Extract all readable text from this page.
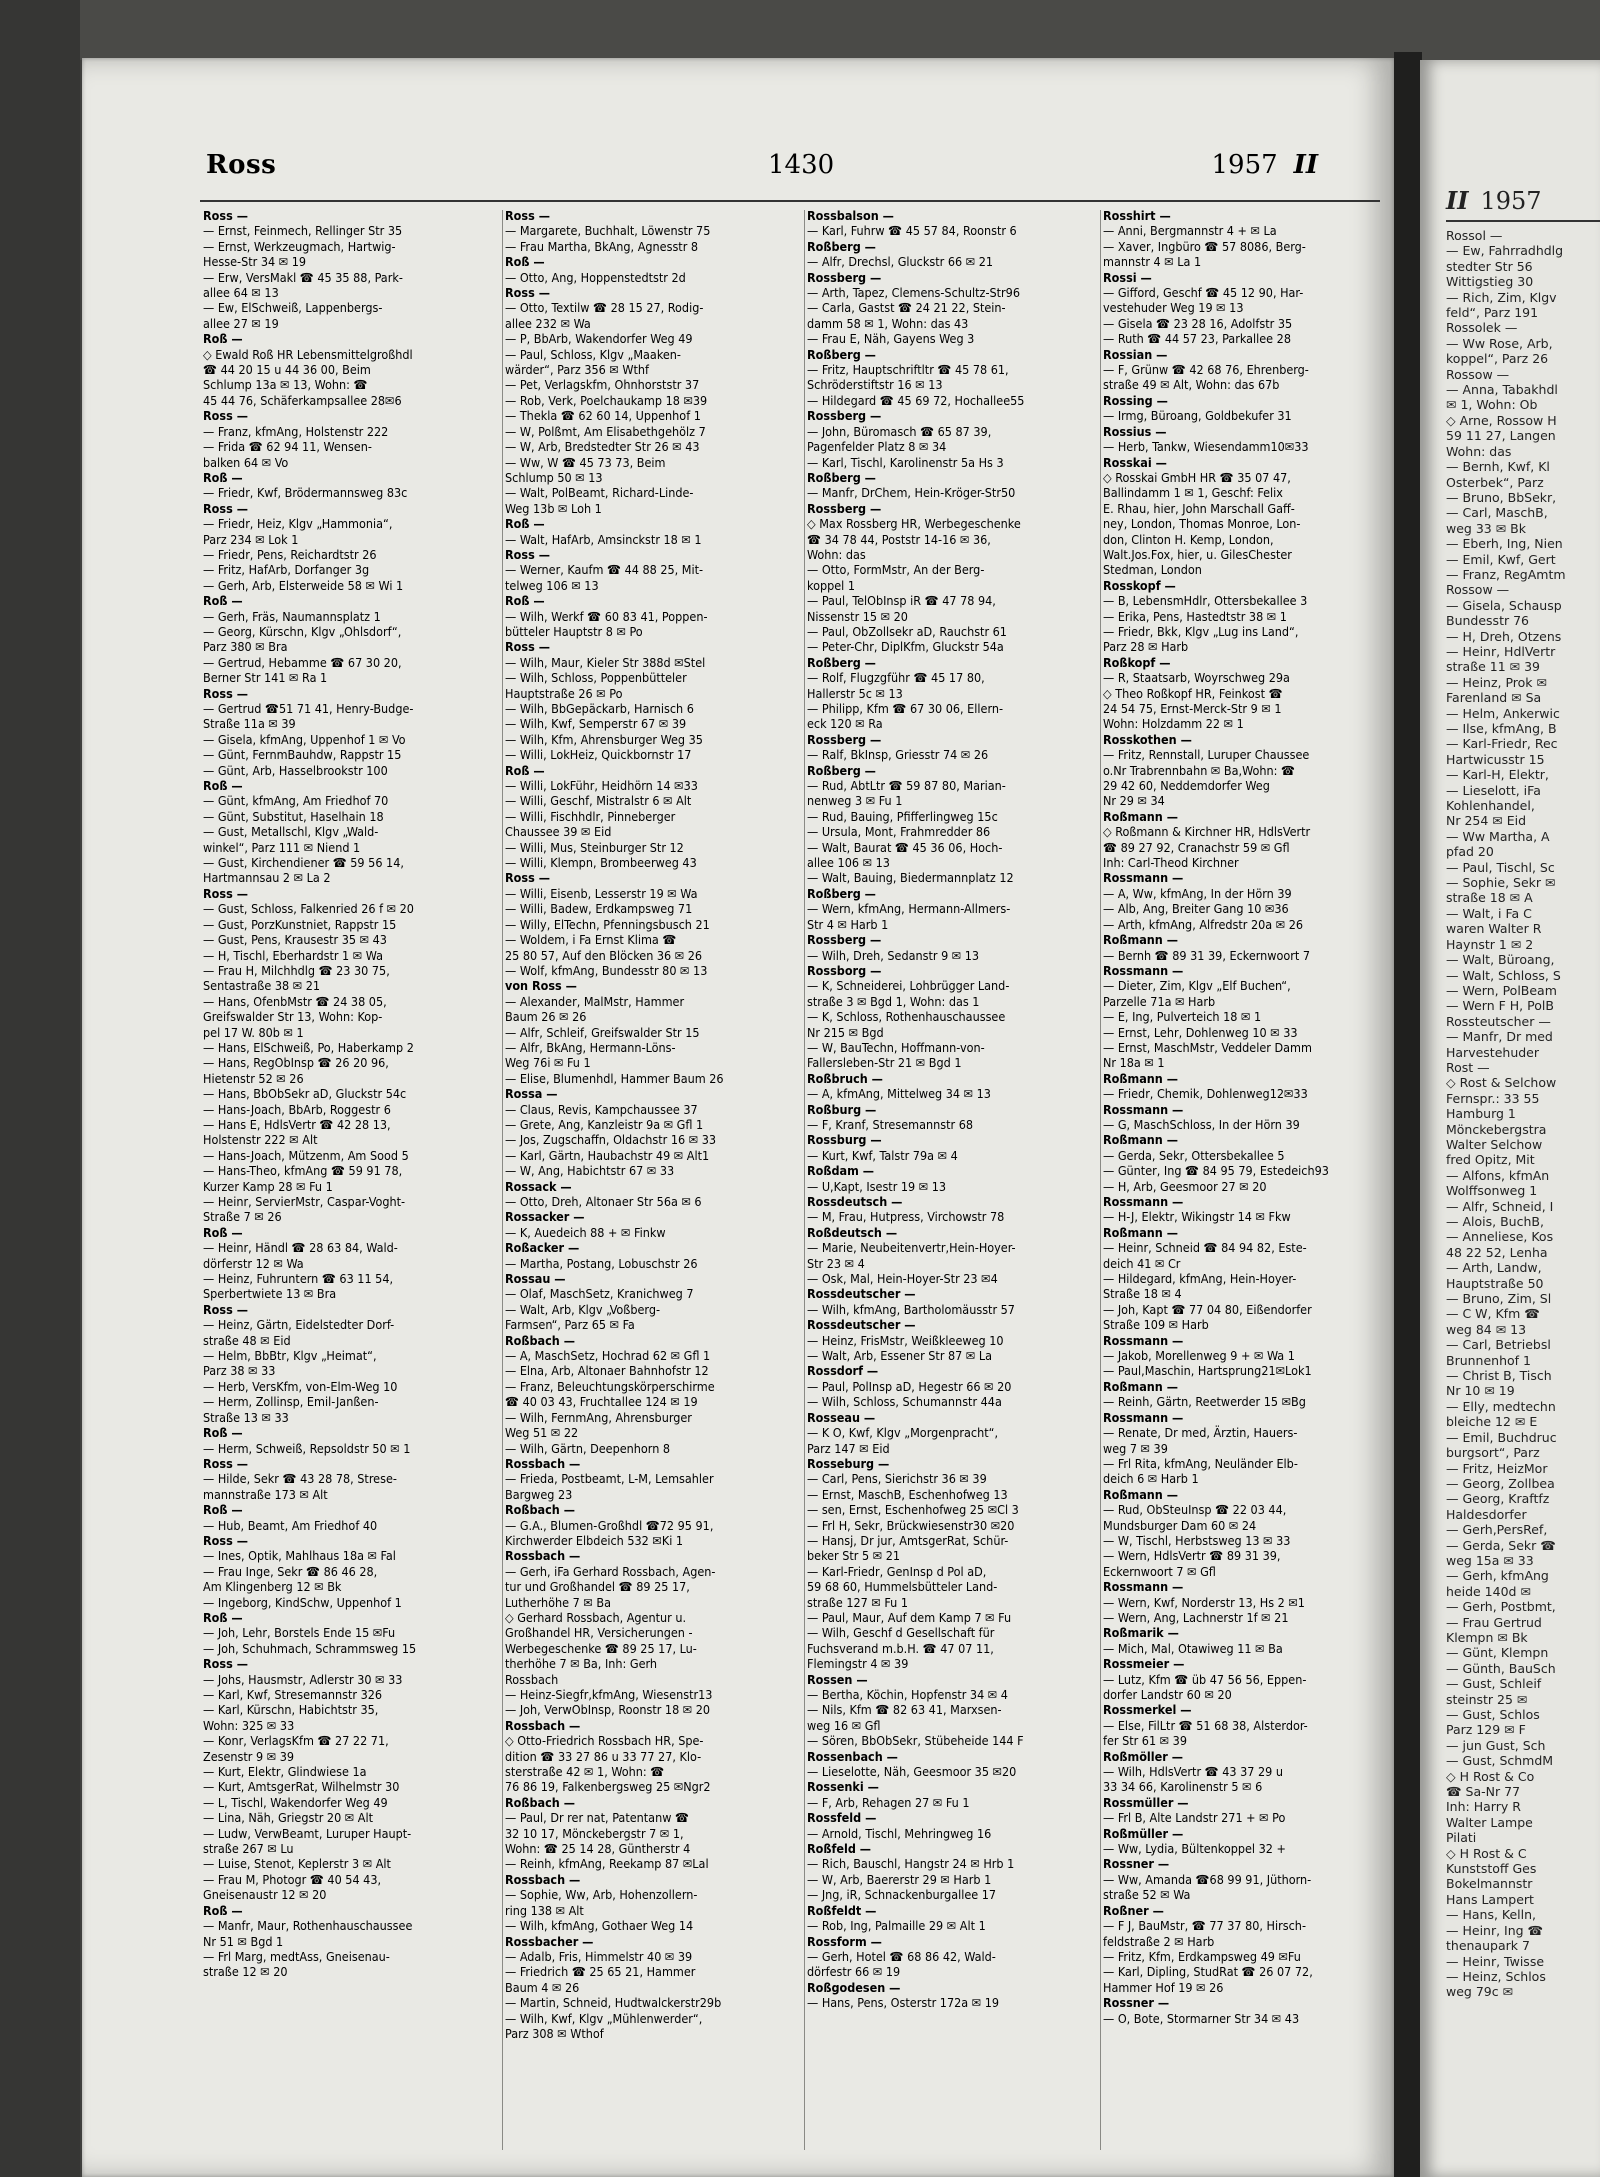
Ross	1430	1957 II
Ross —
— Ernst, Feinmech, Rellinger Str 35
— Ernst, Werkzeugmach, Hartwig-
Hesse-Str 34 ✉ 19
— Erw, VersMakl ☎ 45 35 88, Park-
allee 64 ✉ 13
— Ew, ElSchweiß, Lappenbergs-
allee 27 ✉ 19
Roß —
◇ Ewald Roß HR Lebensmittelgroßhdl
☎ 44 20 15 u 44 36 00, Beim
Schlump 13a ✉ 13, Wohn: ☎
45 44 76, Schäferkampsallee 28✉6
Ross —
— Franz, kfmAng, Holstenstr 222
— Frida ☎ 62 94 11, Wensen-
balken 64 ✉ Vo
Roß —
— Friedr, Kwf, Brödermannsweg 83c
Ross —
— Friedr, Heiz, Klgv „Hammonia“,
Parz 234 ✉ Lok 1
— Friedr, Pens, Reichardtstr 26
— Fritz, HafArb, Dorfanger 3g
— Gerh, Arb, Elsterweide 58 ✉ Wi 1
Roß —
— Gerh, Fräs, Naumannsplatz 1
— Georg, Kürschn, Klgv „Ohlsdorf“,
Parz 380 ✉ Bra
— Gertrud, Hebamme ☎ 67 30 20,
Berner Str 141 ✉ Ra 1
Ross —
— Gertrud ☎51 71 41, Henry-Budge-
Straße 11a ✉ 39
— Gisela, kfmAng, Uppenhof 1 ✉ Vo
— Günt, FernmBauhdw, Rappstr 15
— Günt, Arb, Hasselbrookstr 100
Roß —
— Günt, kfmAng, Am Friedhof 70
— Günt, Substitut, Haselhain 18
— Gust, Metallschl, Klgv „Wald-
winkel“, Parz 111 ✉ Niend 1
— Gust, Kirchendiener ☎ 59 56 14,
Hartmannsau 2 ✉ La 2
Ross —
— Gust, Schloss, Falkenried 26 f ✉ 20
— Gust, PorzKunstniet, Rappstr 15
— Gust, Pens, Krausestr 35 ✉ 43
— H, Tischl, Eberhardstr 1 ✉ Wa
— Frau H, Milchhdlg ☎ 23 30 75,
Sentastraße 38 ✉ 21
— Hans, OfenbMstr ☎ 24 38 05,
Greifswalder Str 13, Wohn: Kop-
pel 17 W. 80b ✉ 1
— Hans, ElSchweiß, Po, Haberkamp 2
— Hans, RegObInsp ☎ 26 20 96,
Hietenstr 52 ✉ 26
— Hans, BbObSekr aD, Gluckstr 54c
— Hans-Joach, BbArb, Roggestr 6
— Hans E, HdlsVertr ☎ 42 28 13,
Holstenstr 222 ✉ Alt
— Hans-Joach, Mützenm, Am Sood 5
— Hans-Theo, kfmAng ☎ 59 91 78,
Kurzer Kamp 28 ✉ Fu 1
— Heinr, ServierMstr, Caspar-Voght-
Straße 7 ✉ 26
Roß —
— Heinr, Händl ☎ 28 63 84, Wald-
dörferstr 12 ✉ Wa
— Heinz, Fuhruntern ☎ 63 11 54,
Sperbertwiete 13 ✉ Bra
Ross —
— Heinz, Gärtn, Eidelstedter Dorf-
straße 48 ✉ Eid
— Helm, BbBtr, Klgv „Heimat“,
Parz 38 ✉ 33
— Herb, VersKfm, von-Elm-Weg 10
— Herm, Zollinsp, Emil-Janßen-
Straße 13 ✉ 33
Roß —
— Herm, Schweiß, Repsoldstr 50 ✉ 1
Ross —
— Hilde, Sekr ☎ 43 28 78, Strese-
mannstraße 173 ✉ Alt
Roß —
— Hub, Beamt, Am Friedhof 40
Ross —
— Ines, Optik, Mahlhaus 18a ✉ Fal
— Frau Inge, Sekr ☎ 86 46 28,
Am Klingenberg 12 ✉ Bk
— Ingeborg, KindSchw, Uppenhof 1
Roß —
— Joh, Lehr, Borstels Ende 15 ✉Fu
— Joh, Schuhmach, Schrammsweg 15
Ross —
— Johs, Hausmstr, Adlerstr 30 ✉ 33
— Karl, Kwf, Stresemannstr 326
— Karl, Kürschn, Habichtstr 35,
Wohn: 325 ✉ 33
— Konr, VerlagsKfm ☎ 27 22 71,
Zesenstr 9 ✉ 39
— Kurt, Elektr, Glindwiese 1a
— Kurt, AmtsgerRat, Wilhelmstr 30
— L, Tischl, Wakendorfer Weg 49
— Lina, Näh, Griegstr 20 ✉ Alt
— Ludw, VerwBeamt, Luruper Haupt-
straße 267 ✉ Lu
— Luise, Stenot, Keplerstr 3 ✉ Alt
— Frau M, Photogr ☎ 40 54 43,
Gneisenaustr 12 ✉ 20
Roß —
— Manfr, Maur, Rothenhauschaussee
Nr 51 ✉ Bgd 1
— Frl Marg, medtAss, Gneisenau-
straße 12 ✉ 20
Ross —
— Margarete, Buchhalt, Löwenstr 75
— Frau Martha, BkAng, Agnesstr 8
Roß —
— Otto, Ang, Hoppenstedtstr 2d
Ross —
— Otto, Textilw ☎ 28 15 27, Rodig-
allee 232 ✉ Wa
— P, BbArb, Wakendorfer Weg 49
— Paul, Schloss, Klgv „Maaken-
wärder“, Parz 356 ✉ Wthf
— Pet, Verlagskfm, Ohnhorststr 37
— Rob, Verk, Poelchaukamp 18 ✉39
— Thekla ☎ 62 60 14, Uppenhof 1
— W, Polßmt, Am Elisabethgehölz 7
— W, Arb, Bredstedter Str 26 ✉ 43
— Ww, W ☎ 45 73 73, Beim
Schlump 50 ✉ 13
— Walt, PolBeamt, Richard-Linde-
Weg 13b ✉ Loh 1
Roß —
— Walt, HafArb, Amsinckstr 18 ✉ 1
Ross —
— Werner, Kaufm ☎ 44 88 25, Mit-
telweg 106 ✉ 13
Roß —
— Wilh, Werkf ☎ 60 83 41, Poppen-
bütteler Hauptstr 8 ✉ Po
Ross —
— Wilh, Maur, Kieler Str 388d ✉Stel
— Wilh, Schloss, Poppenbütteler
Hauptstraße 26 ✉ Po
— Wilh, BbGepäckarb, Harnisch 6
— Wilh, Kwf, Semperstr 67 ✉ 39
— Wilh, Kfm, Ahrensburger Weg 35
— Willi, LokHeiz, Quickbornstr 17
Roß —
— Willi, LokFühr, Heidhörn 14 ✉33
— Willi, Geschf, Mistralstr 6 ✉ Alt
— Willi, Fischhdlr, Pinneberger
Chaussee 39 ✉ Eid
— Willi, Mus, Steinburger Str 12
— Willi, Klempn, Brombeerweg 43
Ross —
— Willi, Eisenb, Lesserstr 19 ✉ Wa
— Willi, Badew, Erdkampsweg 71
— Willy, ElTechn, Pfenningsbusch 21
— Woldem, i Fa Ernst Klima ☎
25 80 57, Auf den Blöcken 36 ✉ 26
— Wolf, kfmAng, Bundesstr 80 ✉ 13
von Ross —
— Alexander, MalMstr, Hammer
Baum 26 ✉ 26
— Alfr, Schleif, Greifswalder Str 15
— Alfr, BkAng, Hermann-Löns-
Weg 76i ✉ Fu 1
— Elise, Blumenhdl, Hammer Baum 26
Rossa —
— Claus, Revis, Kampchaussee 37
— Grete, Ang, Kanzleistr 9a ✉ Gfl 1
— Jos, Zugschaffn, Oldachstr 16 ✉ 33
— Karl, Gärtn, Haubachstr 49 ✉ Alt1
— W, Ang, Habichtstr 67 ✉ 33
Rossack —
— Otto, Dreh, Altonaer Str 56a ✉ 6
Rossacker —
— K, Auedeich 88 + ✉ Finkw
Roßacker —
— Martha, Postang, Lobuschstr 26
Rossau —
— Olaf, MaschSetz, Kranichweg 7
— Walt, Arb, Klgv „Voßberg-
Farmsen“, Parz 65 ✉ Fa
Roßbach —
— A, MaschSetz, Hochrad 62 ✉ Gfl 1
— Elna, Arb, Altonaer Bahnhofstr 12
— Franz, Beleuchtungskörperschirme
☎ 40 03 43, Fruchtallee 124 ✉ 19
— Wilh, FernmAng, Ahrensburger
Weg 51 ✉ 22
— Wilh, Gärtn, Deepenhorn 8
Rossbach —
— Frieda, Postbeamt, L-M, Lemsahler
Bargweg 23
Roßbach —
— G.A., Blumen-Großhdl ☎72 95 91,
Kirchwerder Elbdeich 532 ✉Ki 1
Rossbach —
— Gerh, iFa Gerhard Rossbach, Agen-
tur und Großhandel ☎ 89 25 17,
Lutherhöhe 7 ✉ Ba
◇ Gerhard Rossbach, Agentur u.
Großhandel HR, Versicherungen -
Werbegeschenke ☎ 89 25 17, Lu-
therhöhe 7 ✉ Ba, Inh: Gerh
Rossbach
— Heinz-Siegfr,kfmAng, Wiesenstr13
— Joh, VerwObInsp, Roonstr 18 ✉ 20
Rossbach —
◇ Otto-Friedrich Rossbach HR, Spe-
dition ☎ 33 27 86 u 33 77 27, Klo-
sterstraße 42 ✉ 1, Wohn: ☎
76 86 19, Falkenbergsweg 25 ✉Ngr2
Roßbach —
— Paul, Dr rer nat, Patentanw ☎
32 10 17, Mönckebergstr 7 ✉ 1,
Wohn: ☎ 25 14 28, Güntherstr 4
— Reinh, kfmAng, Reekamp 87 ✉Lal
Rossbach —
— Sophie, Ww, Arb, Hohenzollern-
ring 138 ✉ Alt
— Wilh, kfmAng, Gothaer Weg 14
Rossbacher —
— Adalb, Fris, Himmelstr 40 ✉ 39
— Friedrich ☎ 25 65 21, Hammer
Baum 4 ✉ 26
— Martin, Schneid, Hudtwalckerstr29b
— Wilh, Kwf, Klgv „Mühlenwerder“,
Parz 308 ✉ Wthof
Rossbalson —
— Karl, Fuhrw ☎ 45 57 84, Roonstr 6
Roßberg —
— Alfr, Drechsl, Gluckstr 66 ✉ 21
Rossberg —
— Arth, Tapez, Clemens-Schultz-Str96
— Carla, Gastst ☎ 24 21 22, Stein-
damm 58 ✉ 1, Wohn: das 43
— Frau E, Näh, Gayens Weg 3
Roßberg —
— Fritz, Hauptschriftltr ☎ 45 78 61,
Schröderstiftstr 16 ✉ 13
— Hildegard ☎ 45 69 72, Hochallee55
Rossberg —
— John, Büromasch ☎ 65 87 39,
Pagenfelder Platz 8 ✉ 34
— Karl, Tischl, Karolinenstr 5a Hs 3
Roßberg —
— Manfr, DrChem, Hein-Kröger-Str50
Rossberg —
◇ Max Rossberg HR, Werbegeschenke
☎ 34 78 44, Poststr 14-16 ✉ 36,
Wohn: das
— Otto, FormMstr, An der Berg-
koppel 1
— Paul, TelObInsp iR ☎ 47 78 94,
Nissenstr 15 ✉ 20
— Paul, ObZollsekr aD, Rauchstr 61
— Peter-Chr, DiplKfm, Gluckstr 54a
Roßberg —
— Rolf, Flugzgführ ☎ 45 17 80,
Hallerstr 5c ✉ 13
— Philipp, Kfm ☎ 67 30 06, Ellern-
eck 120 ✉ Ra
Rossberg —
— Ralf, BkInsp, Griesstr 74 ✉ 26
Roßberg —
— Rud, AbtLtr ☎ 59 87 80, Marian-
nenweg 3 ✉ Fu 1
— Rud, Bauing, Pfifferlingweg 15c
— Ursula, Mont, Frahmredder 86
— Walt, Baurat ☎ 45 36 06, Hoch-
allee 106 ✉ 13
— Walt, Bauing, Biedermannplatz 12
Roßberg —
— Wern, kfmAng, Hermann-Allmers-
Str 4 ✉ Harb 1
Rossberg —
— Wilh, Dreh, Sedanstr 9 ✉ 13
Rossborg —
— K, Schneiderei, Lohbrügger Land-
straße 3 ✉ Bgd 1, Wohn: das 1
— K, Schloss, Rothenhauschaussee
Nr 215 ✉ Bgd
— W, BauTechn, Hoffmann-von-
Fallersleben-Str 21 ✉ Bgd 1
Roßbruch —
— A, kfmAng, Mittelweg 34 ✉ 13
Roßburg —
— F, Kranf, Stresemannstr 68
Rossburg —
— Kurt, Kwf, Talstr 79a ✉ 4
Roßdam —
— U,Kapt, Isestr 19 ✉ 13
Rossdeutsch —
— M, Frau, Hutpress, Virchowstr 78
Roßdeutsch —
— Marie, Neubeitenvertr,Hein-Hoyer-
Str 23 ✉ 4
— Osk, Mal, Hein-Hoyer-Str 23 ✉4
Rossdeutscher —
— Wilh, kfmAng, Bartholomäusstr 57
Rossdeutscher —
— Heinz, FrisMstr, Weißkleeweg 10
— Walt, Arb, Essener Str 87 ✉ La
Rossdorf —
— Paul, PolInsp aD, Hegestr 66 ✉ 20
— Wilh, Schloss, Schumannstr 44a
Rosseau —
— K O, Kwf, Klgv „Morgenpracht“,
Parz 147 ✉ Eid
Rosseburg —
— Carl, Pens, Sierichstr 36 ✉ 39
— Ernst, MaschB, Eschenhofweg 13
— sen, Ernst, Eschenhofweg 25 ✉Cl 3
— Frl H, Sekr, Brückwiesenstr30 ✉20
— Hansj, Dr jur, AmtsgerRat, Schür-
beker Str 5 ✉ 21
— Karl-Friedr, GenInsp d Pol aD,
59 68 60, Hummelsbütteler Land-
straße 127 ✉ Fu 1
— Paul, Maur, Auf dem Kamp 7 ✉ Fu
— Wilh, Geschf d Gesellschaft für
Fuchsverand m.b.H. ☎ 47 07 11,
Flemingstr 4 ✉ 39
Rossen —
— Bertha, Köchin, Hopfenstr 34 ✉ 4
— Nils, Kfm ☎ 82 63 41, Marxsen-
weg 16 ✉ Gfl
— Sören, BbObSekr, Stübeheide 144 F
Rossenbach —
— Lieselotte, Näh, Geesmoor 35 ✉20
Rossenki —
— F, Arb, Rehagen 27 ✉ Fu 1
Rossfeld —
— Arnold, Tischl, Mehringweg 16
Roßfeld —
— Rich, Bauschl, Hangstr 24 ✉ Hrb 1
— W, Arb, Baererstr 29 ✉ Harb 1
— Jng, iR, Schnackenburgallee 17
Roßfeldt —
— Rob, Ing, Palmaille 29 ✉ Alt 1
Rossform —
— Gerh, Hotel ☎ 68 86 42, Wald-
dörfestr 66 ✉ 19
Roßgodesen —
— Hans, Pens, Osterstr 172a ✉ 19
Rosshirt —
— Anni, Bergmannstr 4 + ✉ La
— Xaver, Ingbüro ☎ 57 8086, Berg-
mannstr 4 ✉ La 1
Rossi —
— Gifford, Geschf ☎ 45 12 90, Har-
vestehuder Weg 19 ✉ 13
— Gisela ☎ 23 28 16, Adolfstr 35
— Ruth ☎ 44 57 23, Parkallee 28
Rossian —
— F, Grünw ☎ 42 68 76, Ehrenberg-
straße 49 ✉ Alt, Wohn: das 67b
Rossing —
— Irmg, Büroang, Goldbekufer 31
Rossius —
— Herb, Tankw, Wiesendamm10✉33
Rosskai —
◇ Rosskai GmbH HR ☎ 35 07 47,
Ballindamm 1 ✉ 1, Geschf: Felix
E. Rhau, hier, John Marschall Gaff-
ney, London, Thomas Monroe, Lon-
don, Clinton H. Kemp, London,
Walt.Jos.Fox, hier, u. GilesChester
Stedman, London
Rosskopf —
— B, LebensmHdlr, Ottersbekallee 3
— Erika, Pens, Hastedtstr 38 ✉ 1
— Friedr, Bkk, Klgv „Lug ins Land“,
Parz 28 ✉ Harb
Roßkopf —
— R, Staatsarb, Woyrschweg 29a
◇ Theo Roßkopf HR, Feinkost ☎
24 54 75, Ernst-Merck-Str 9 ✉ 1
Wohn: Holzdamm 22 ✉ 1
Rosskothen —
— Fritz, Rennstall, Luruper Chaussee
o.Nr Trabrennbahn ✉ Ba,Wohn: ☎
29 42 60, Neddemdorfer Weg
Nr 29 ✉ 34
Roßmann —
◇ Roßmann & Kirchner HR, HdlsVertr
☎ 89 27 92, Cranachstr 59 ✉ Gfl
Inh: Carl-Theod Kirchner
Rossmann —
— A, Ww, kfmAng, In der Hörn 39
— Alb, Ang, Breiter Gang 10 ✉36
— Arth, kfmAng, Alfredstr 20a ✉ 26
Roßmann —
— Bernh ☎ 89 31 39, Eckernwoort 7
Rossmann —
— Dieter, Zim, Klgv „Elf Buchen“,
Parzelle 71a ✉ Harb
— E, Ing, Pulverteich 18 ✉ 1
— Ernst, Lehr, Dohlenweg 10 ✉ 33
— Ernst, MaschMstr, Veddeler Damm
Nr 18a ✉ 1
Roßmann —
— Friedr, Chemik, Dohlenweg12✉33
Rossmann —
— G, MaschSchloss, In der Hörn 39
Roßmann —
— Gerda, Sekr, Ottersbekallee 5
— Günter, Ing ☎ 84 95 79, Estedeich93
— H, Arb, Geesmoor 27 ✉ 20
Rossmann —
— H-J, Elektr, Wikingstr 14 ✉ Fkw
Roßmann —
— Heinr, Schneid ☎ 84 94 82, Este-
deich 41 ✉ Cr
— Hildegard, kfmAng, Hein-Hoyer-
Straße 18 ✉ 4
— Joh, Kapt ☎ 77 04 80, Eißendorfer
Straße 109 ✉ Harb
Rossmann —
— Jakob, Morellenweg 9 + ✉ Wa 1
— Paul,Maschin, Hartsprung21✉Lok1
Roßmann —
— Reinh, Gärtn, Reetwerder 15 ✉Bg
Rossmann —
— Renate, Dr med, Ärztin, Hauers-
weg 7 ✉ 39
— Frl Rita, kfmAng, Neuländer Elb-
deich 6 ✉ Harb 1
Roßmann —
— Rud, ObSteuInsp ☎ 22 03 44,
Mundsburger Dam 60 ✉ 24
— W, Tischl, Herbstsweg 13 ✉ 33
— Wern, HdlsVertr ☎ 89 31 39,
Eckernwoort 7 ✉ Gfl
Rossmann —
— Wern, Kwf, Norderstr 13, Hs 2 ✉1
— Wern, Ang, Lachnerstr 1f ✉ 21
Roßmarik —
— Mich, Mal, Otawiweg 11 ✉ Ba
Rossmeier —
— Lutz, Kfm ☎ üb 47 56 56, Eppen-
dorfer Landstr 60 ✉ 20
Rossmerkel —
— Else, FilLtr ☎ 51 68 38, Alsterdor-
fer Str 61 ✉ 39
Roßmöller —
— Wilh, HdlsVertr ☎ 43 37 29 u
33 34 66, Karolinenstr 5 ✉ 6
Rossmüller —
— Frl B, Alte Landstr 271 + ✉ Po
Roßmüller —
— Ww, Lydia, Bültenkoppel 32 +
Rossner —
— Ww, Amanda ☎68 99 91, Jüthorn-
straße 52 ✉ Wa
Roßner —
— F J, BauMstr, ☎ 77 37 80, Hirsch-
feldstraße 2 ✉ Harb
— Fritz, Kfm, Erdkampsweg 49 ✉Fu
— Karl, Dipling, StudRat ☎ 26 07 72,
Hammer Hof 19 ✉ 26
Rossner —
— O, Bote, Stormarner Str 34 ✉ 43
II 1957
Rossol —
— Ew, Fahrradhdlg
stedter Str 56
Wittigstieg 30
— Rich, Zim, Klgv
feld“, Parz 191
Rossolek —
— Ww Rose, Arb,
koppel“, Parz 26
Rossow —
— Anna, Tabakhdl
✉ 1, Wohn: Ob
◇ Arne, Rossow H
59 11 27, Langen
Wohn: das
— Bernh, Kwf, Kl
Osterbek“, Parz
— Bruno, BbSekr,
— Carl, MaschB,
weg 33 ✉ Bk
— Eberh, Ing, Nien
— Emil, Kwf, Gert
— Franz, RegAmtm
Rossow —
— Gisela, Schausp
Bundesstr 76
— H, Dreh, Otzens
— Heinr, HdlVertr
straße 11 ✉ 39
— Heinz, Prok ✉
Farenland ✉ Sa
— Helm, Ankerwic
— Ilse, kfmAng, B
— Karl-Friedr, Rec
Hartwicusstr 15
— Karl-H, Elektr,
— Lieselott, iFa
Kohlenhandel,
Nr 254 ✉ Eid
— Ww Martha, A
pfad 20
— Paul, Tischl, Sc
— Sophie, Sekr ✉
straße 18 ✉ A
— Walt, i Fa C
waren Walter R
Haynstr 1 ✉ 2
— Walt, Büroang,
— Walt, Schloss, S
— Wern, PolBeam
— Wern F H, PolB
Rossteutscher —
— Manfr, Dr med
Harvestehuder
Rost —
◇ Rost & Selchow
Fernspr.: 33 55
Hamburg 1
Mönckebergstra
Walter Selchow
fred Opitz, Mit
— Alfons, kfmAn
Wolffsonweg 1
— Alfr, Schneid, I
— Alois, BuchB,
— Anneliese, Kos
48 22 52, Lenha
— Arth, Landw,
Hauptstraße 50
— Bruno, Zim, Sl
— C W, Kfm ☎
weg 84 ✉ 13
— Carl, Betriebsl
Brunnenhof 1
— Christ B, Tisch
Nr 10 ✉ 19
— Elly, medtechn
bleiche 12 ✉ E
— Emil, Buchdruc
burgsort“, Parz
— Fritz, HeizMor
— Georg, Zollbea
— Georg, Kraftfz
Haldesdorfer
— Gerh,PersRef,
— Gerda, Sekr ☎
weg 15a ✉ 33
— Gerh, kfmAng
heide 140d ✉
— Gerh, Postbmt,
— Frau Gertrud
Klempn ✉ Bk
— Günt, Klempn
— Günth, BauSch
— Gust, Schleif
steinstr 25 ✉
— Gust, Schlos
Parz 129 ✉ F
— jun Gust, Sch
— Gust, SchmdM
◇ H Rost & Co
☎ Sa-Nr 77
Inh: Harry R
Walter Lampe
Pilati
◇ H Rost & C
Kunststoff Ges
Bokelmannstr
Hans Lampert
— Hans, Kelln,
— Heinr, Ing ☎
thenaupark 7
— Heinr, Twisse
— Heinz, Schlos
weg 79c ✉
